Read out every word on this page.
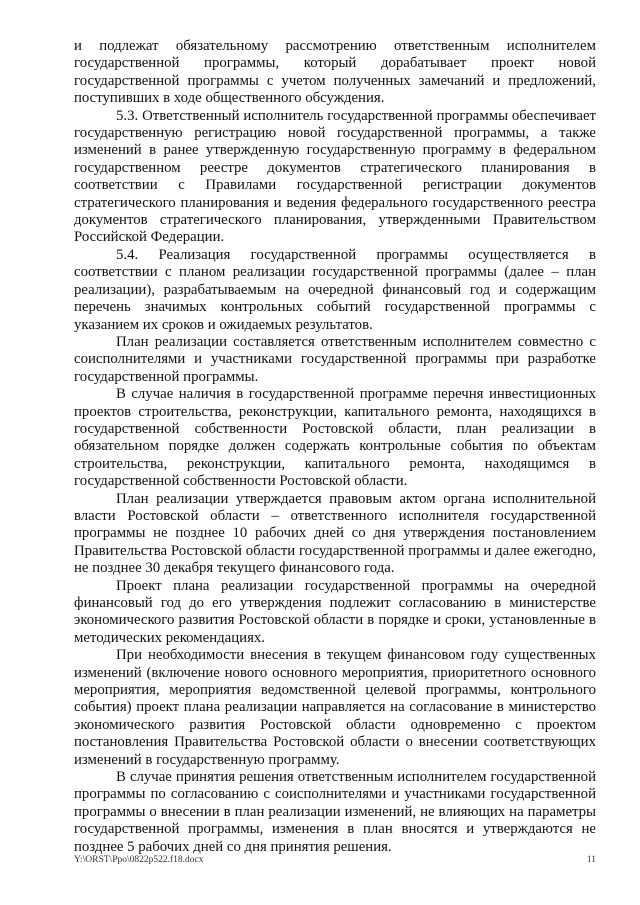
и подлежат обязательному рассмотрению ответственным исполнителем государственной программы, который дорабатывает проект новой государственной программы с учетом полученных замечаний и предложений, поступивших в ходе общественного обсуждения.

5.3. Ответственный исполнитель государственной программы обеспечивает государственную регистрацию новой государственной программы, а также изменений в ранее утвержденную государственную программу в федеральном государственном реестре документов стратегического планирования в соответствии с Правилами государственной регистрации документов стратегического планирования и ведения федерального государственного реестра документов стратегического планирования, утвержденными Правительством Российской Федерации.

5.4. Реализация государственной программы осуществляется в соответствии с планом реализации государственной программы (далее – план реализации), разрабатываемым на очередной финансовый год и содержащим перечень значимых контрольных событий государственной программы с указанием их сроков и ожидаемых результатов.

План реализации составляется ответственным исполнителем совместно с соисполнителями и участниками государственной программы при разработке государственной программы.

В случае наличия в государственной программе перечня инвестиционных проектов строительства, реконструкции, капитального ремонта, находящихся в государственной собственности Ростовской области, план реализации в обязательном порядке должен содержать контрольные события по объектам строительства, реконструкции, капитального ремонта, находящимся в государственной собственности Ростовской области.

План реализации утверждается правовым актом органа исполнительной власти Ростовской области – ответственного исполнителя государственной программы не позднее 10 рабочих дней со дня утверждения постановлением Правительства Ростовской области государственной программы и далее ежегодно, не позднее 30 декабря текущего финансового года.

Проект плана реализации государственной программы на очередной финансовый год до его утверждения подлежит согласованию в министерстве экономического развития Ростовской области в порядке и сроки, установленные в методических рекомендациях.

При необходимости внесения в текущем финансовом году существенных изменений (включение нового основного мероприятия, приоритетного основного мероприятия, мероприятия ведомственной целевой программы, контрольного события) проект плана реализации направляется на согласование в министерство экономического развития Ростовской области одновременно с проектом постановления Правительства Ростовской области о внесении соответствующих изменений в государственную программу.

В случае принятия решения ответственным исполнителем государственной программы по согласованию с соисполнителями и участниками государственной программы о внесении в план реализации изменений, не влияющих на параметры государственной программы, изменения в план вносятся и утверждаются не позднее 5 рабочих дней со дня принятия решения.

Y:\ORST\Ppo\0822p522.f18.docx	11
